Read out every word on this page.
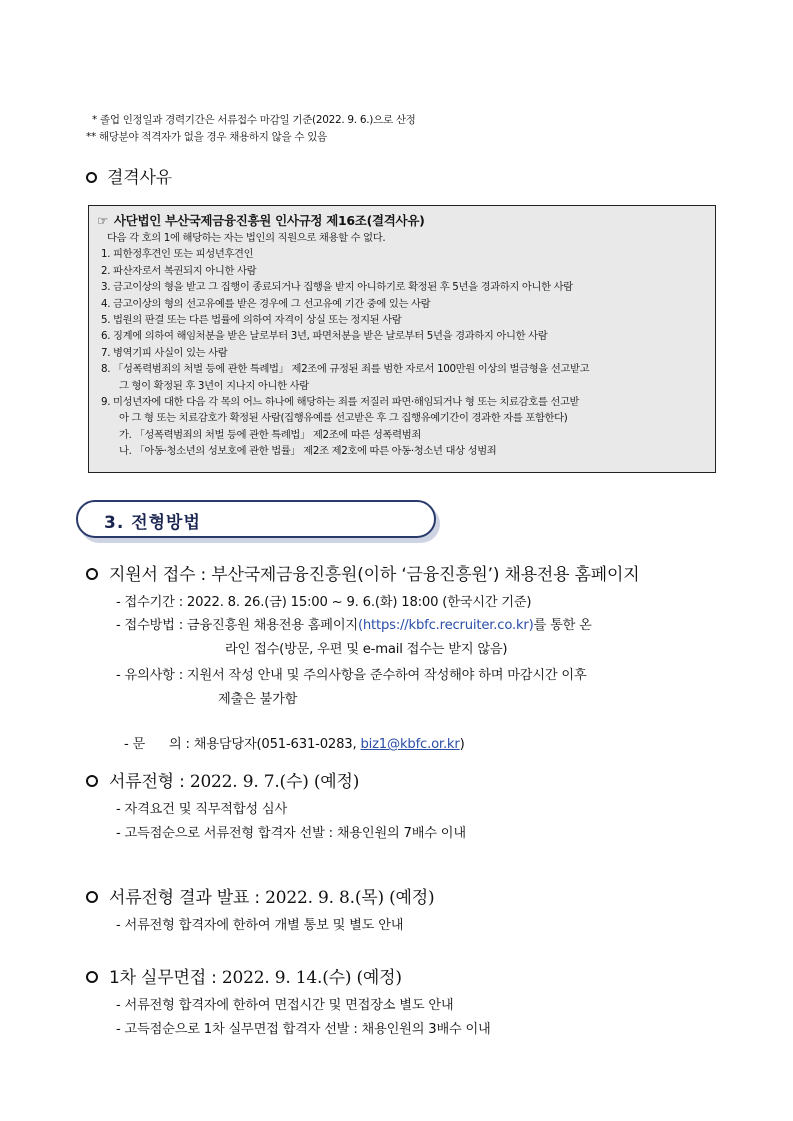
* 졸업 인정일과 경력기간은 서류접수 마감일 기준(2022. 9. 6.)으로 산정
** 해당분야 적격자가 없을 경우 채용하지 않을 수 있음
결격사유
☞ 사단법인 부산국제금융진흥원 인사규정 제16조(결격사유)
다음 각 호의 1에 해당하는 자는 법인의 직원으로 채용할 수 없다.
1. 피한정후견인 또는 피성년후견인
2. 파산자로서 복권되지 아니한 사람
3. 금고이상의 형을 받고 그 집행이 종료되거나 집행을 받지 아니하기로 확정된 후 5년을 경과하지 아니한 사람
4. 금고이상의 형의 선고유예를 받은 경우에 그 선고유예 기간 중에 있는 사람
5. 법원의 판결 또는 다른 법률에 의하여 자격이 상실 또는 정지된 사람
6. 징계에 의하여 해임처분을 받은 날로부터 3년, 파면처분을 받은 날로부터 5년을 경과하지 아니한 사람
7. 병역기피 사실이 있는 사람
8. 「성폭력범죄의 처벌 등에 관한 특례법」 제2조에 규정된 죄를 범한 자로서 100만원 이상의 벌금형을 선고받고
그 형이 확정된 후 3년이 지나지 아니한 사람
9. 미성년자에 대한 다음 각 목의 어느 하나에 해당하는 죄를 저질러 파면·해임되거나 형 또는 치료감호를 선고받
아 그 형 또는 치료감호가 확정된 사람(집행유예를 선고받은 후 그 집행유예기간이 경과한 자를 포함한다)
가. 「성폭력범죄의 처벌 등에 관한 특례법」 제2조에 따른 성폭력범죄
나. 「아동·청소년의 성보호에 관한 법률」 제2조 제2호에 따른 아동·청소년 대상 성범죄
3. 전형방법
지원서 접수 : 부산국제금융진흥원(이하 ‘금융진흥원’) 채용전용 홈페이지
- 접수기간 : 2022. 8. 26.(금) 15:00 ~ 9. 6.(화) 18:00 (한국시간 기준)
- 접수방법 : 금융진흥원 채용전용 홈페이지(https://kbfc.recruiter.co.kr)를 통한 온
라인 접수(방문, 우편 및 e-mail 접수는 받지 않음)
- 유의사항 : 지원서 작성 안내 및 주의사항을 준수하여 작성해야 하며 마감시간 이후
제출은 불가함

- 문      의 : 채용담당자(051-631-0283, biz1@kbfc.or.kr)

서류전형 : 2022. 9. 7.(수) (예정)
- 자격요건 및 직무적합성 심사
- 고득점순으로 서류전형 합격자 선발 : 채용인원의 7배수 이내
서류전형 결과 발표 : 2022. 9. 8.(목) (예정)
- 서류전형 합격자에 한하여 개별 통보 및 별도 안내
1차 실무면접 : 2022. 9. 14.(수) (예정)
- 서류전형 합격자에 한하여 면접시간 및 면접장소 별도 안내
- 고득점순으로 1차 실무면접 합격자 선발 : 채용인원의 3배수 이내
